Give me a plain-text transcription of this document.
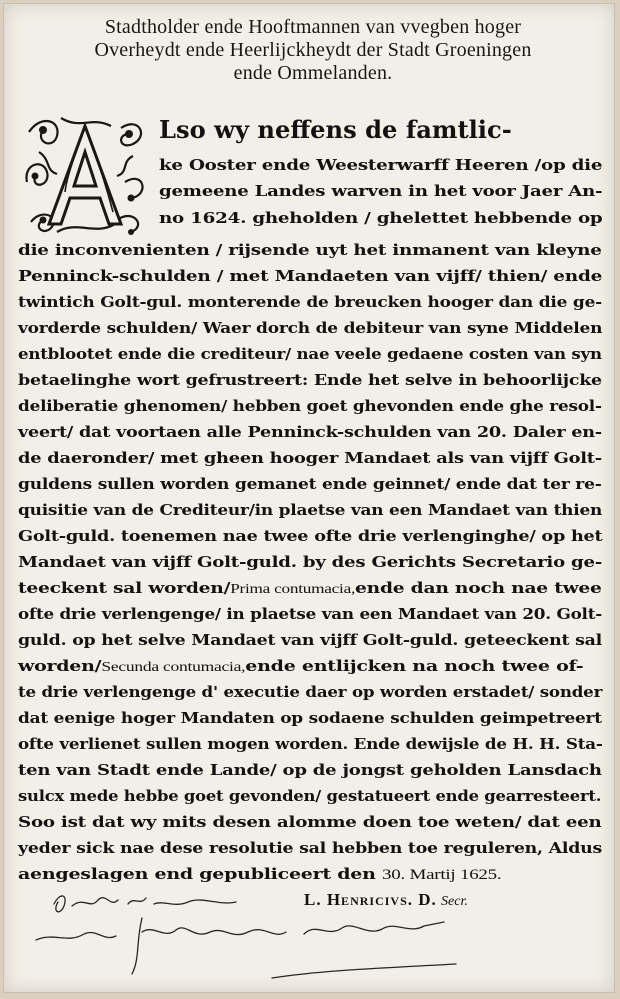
Stadtholder ende Hooftmannen van vvegben hoger
Overheydt ende Heerlijckheydt der Stadt Groeningen
ende Ommelanden.
Lso wy neffens de famtlic-
ke Ooster ende Weesterwarff Heeren /op die
gemeene Landes warven in het voor Jaer An-
no 1624. gheholden / ghelettet hebbende op
die inconvenienten / rijsende uyt het inmanent van kleyne
Penninck-schulden / met Mandaeten van vijff/ thien/ ende
twintich Golt-gul. monterende de breucken hooger dan die ge-
vorderde schulden/ Waer dorch de debiteur van syne Middelen
entblootet ende die crediteur/ nae veele gedaene costen van syn
betaelinghe wort gefrustreert: Ende het selve in behoorlijcke
deliberatie ghenomen/ hebben goet ghevonden ende ghe resol-
veert/ dat voortaen alle Penninck-schulden van 20. Daler en-
de daeronder/ met gheen hooger Mandaet als van vijff Golt-
guldens sullen worden gemanet ende geinnet/ ende dat ter re-
quisitie van de Crediteur/in plaetse van een Mandaet van thien
Golt-guld. toenemen nae twee ofte drie verlenginghe/ op het
Mandaet van vijff Golt-guld. by des Gerichts Secretario ge-
teeckent sal worden/Prima contumacia,ende dan noch nae twee
ofte drie verlengenge/ in plaetse van een Mandaet van 20. Golt-
guld. op het selve Mandaet van vijff Golt-guld. geteeckent sal
worden/Secunda contumacia,ende entlijcken na noch twee of-
te drie verlengenge d' executie daer op worden erstadet/ sonder
dat eenige hoger Mandaten op sodaene schulden geimpetreert
ofte verlienet sullen mogen worden. Ende dewijsle de H. H. Sta-
ten van Stadt ende Lande/ op de jongst geholden Lansdach
sulcx mede hebbe goet gevonden/ gestatueert ende gearresteert.
Soo ist dat wy mits desen alomme doen toe weten/ dat een
yeder sick nae dese resolutie sal hebben toe reguleren, Aldus
aengeslagen end gepubliceert den 30. Martij 1625.
L. Henricivs. D. Secr.
